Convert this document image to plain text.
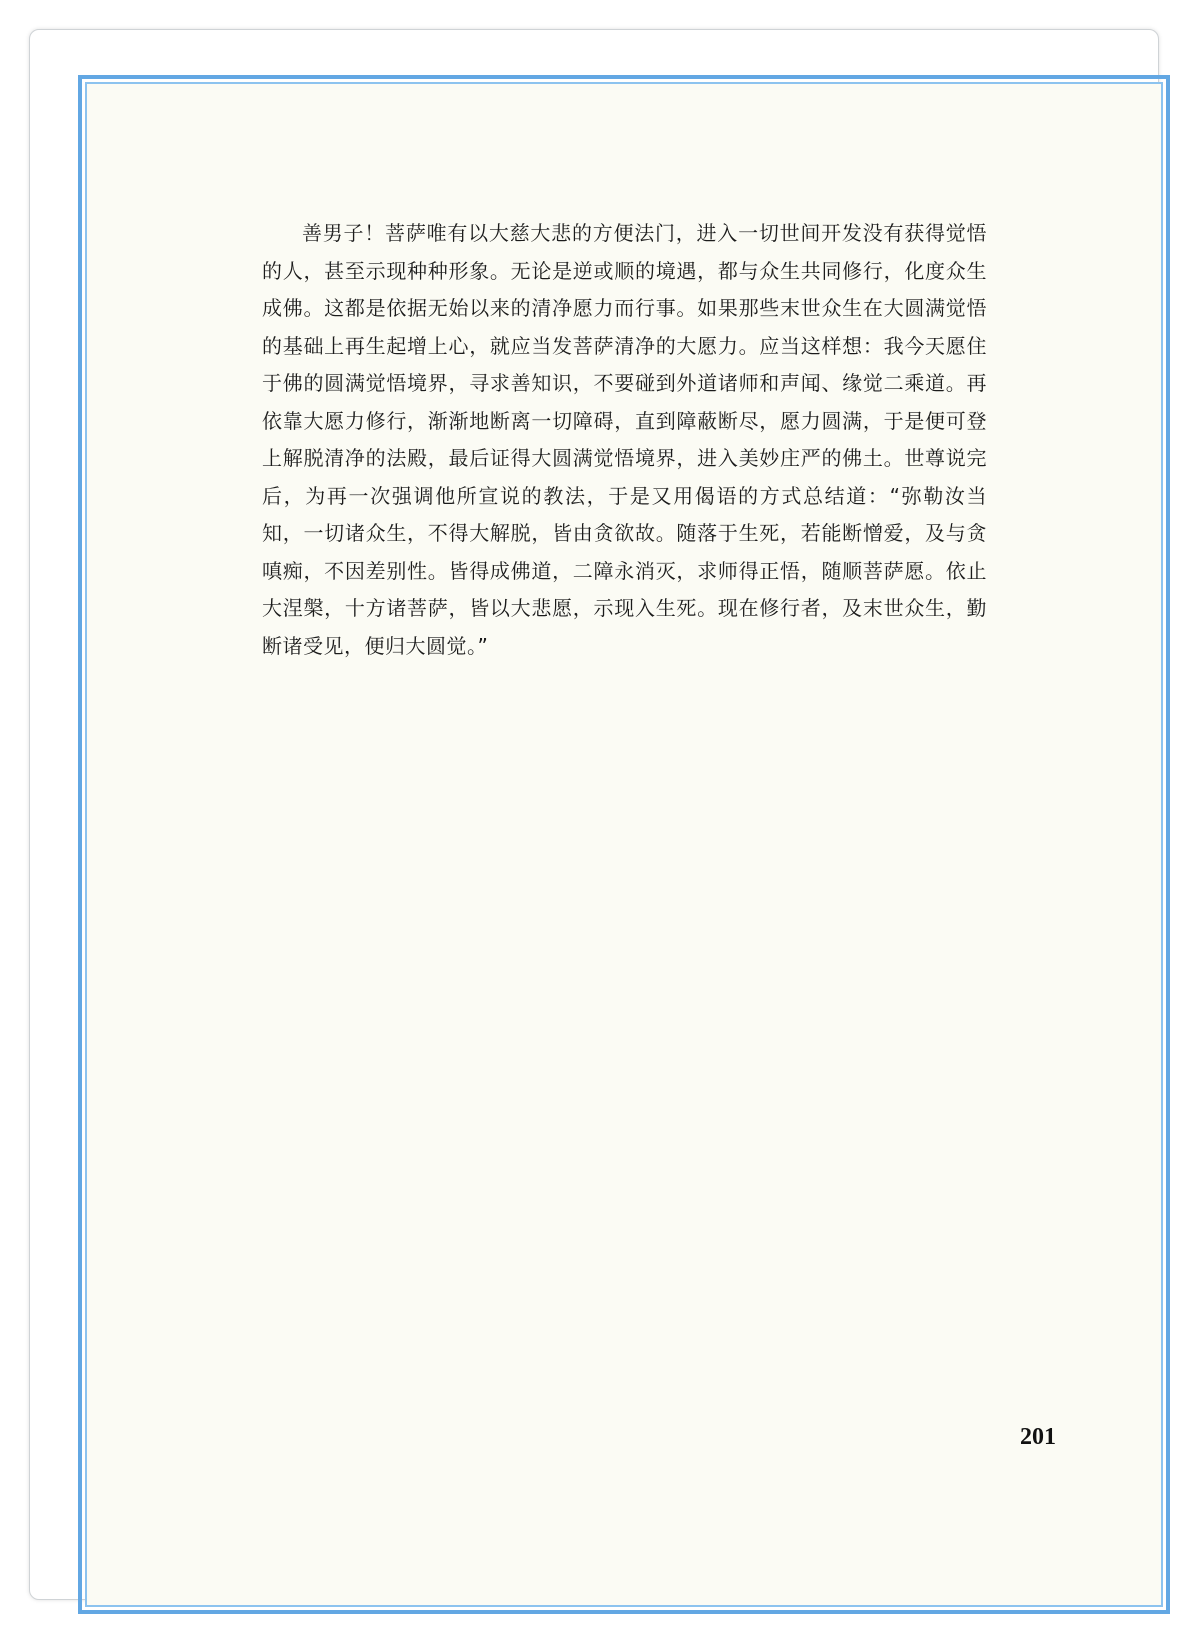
善男子！菩萨唯有以大慈大悲的方便法门，进入一切世间开发没有获得觉悟的人，甚至示现种种形象。无论是逆或顺的境遇，都与众生共同修行，化度众生成佛。这都是依据无始以来的清净愿力而行事。如果那些末世众生在大圆满觉悟的基础上再生起增上心，就应当发菩萨清净的大愿力。应当这样想：我今天愿住于佛的圆满觉悟境界，寻求善知识，不要碰到外道诸师和声闻、缘觉二乘道。再依靠大愿力修行，渐渐地断离一切障碍，直到障蔽断尽，愿力圆满，于是便可登上解脱清净的法殿，最后证得大圆满觉悟境界，进入美妙庄严的佛土。世尊说完后，为再一次强调他所宣说的教法，于是又用偈语的方式总结道：“弥勒汝当知，一切诸众生，不得大解脱，皆由贪欲故。随落于生死，若能断憎爱，及与贪嗔痴，不因差别性。皆得成佛道，二障永消灭，求师得正悟，随顺菩萨愿。依止大涅槃，十方诸菩萨，皆以大悲愿，示现入生死。现在修行者，及末世众生，勤断诸受见，便归大圆觉。”

201
